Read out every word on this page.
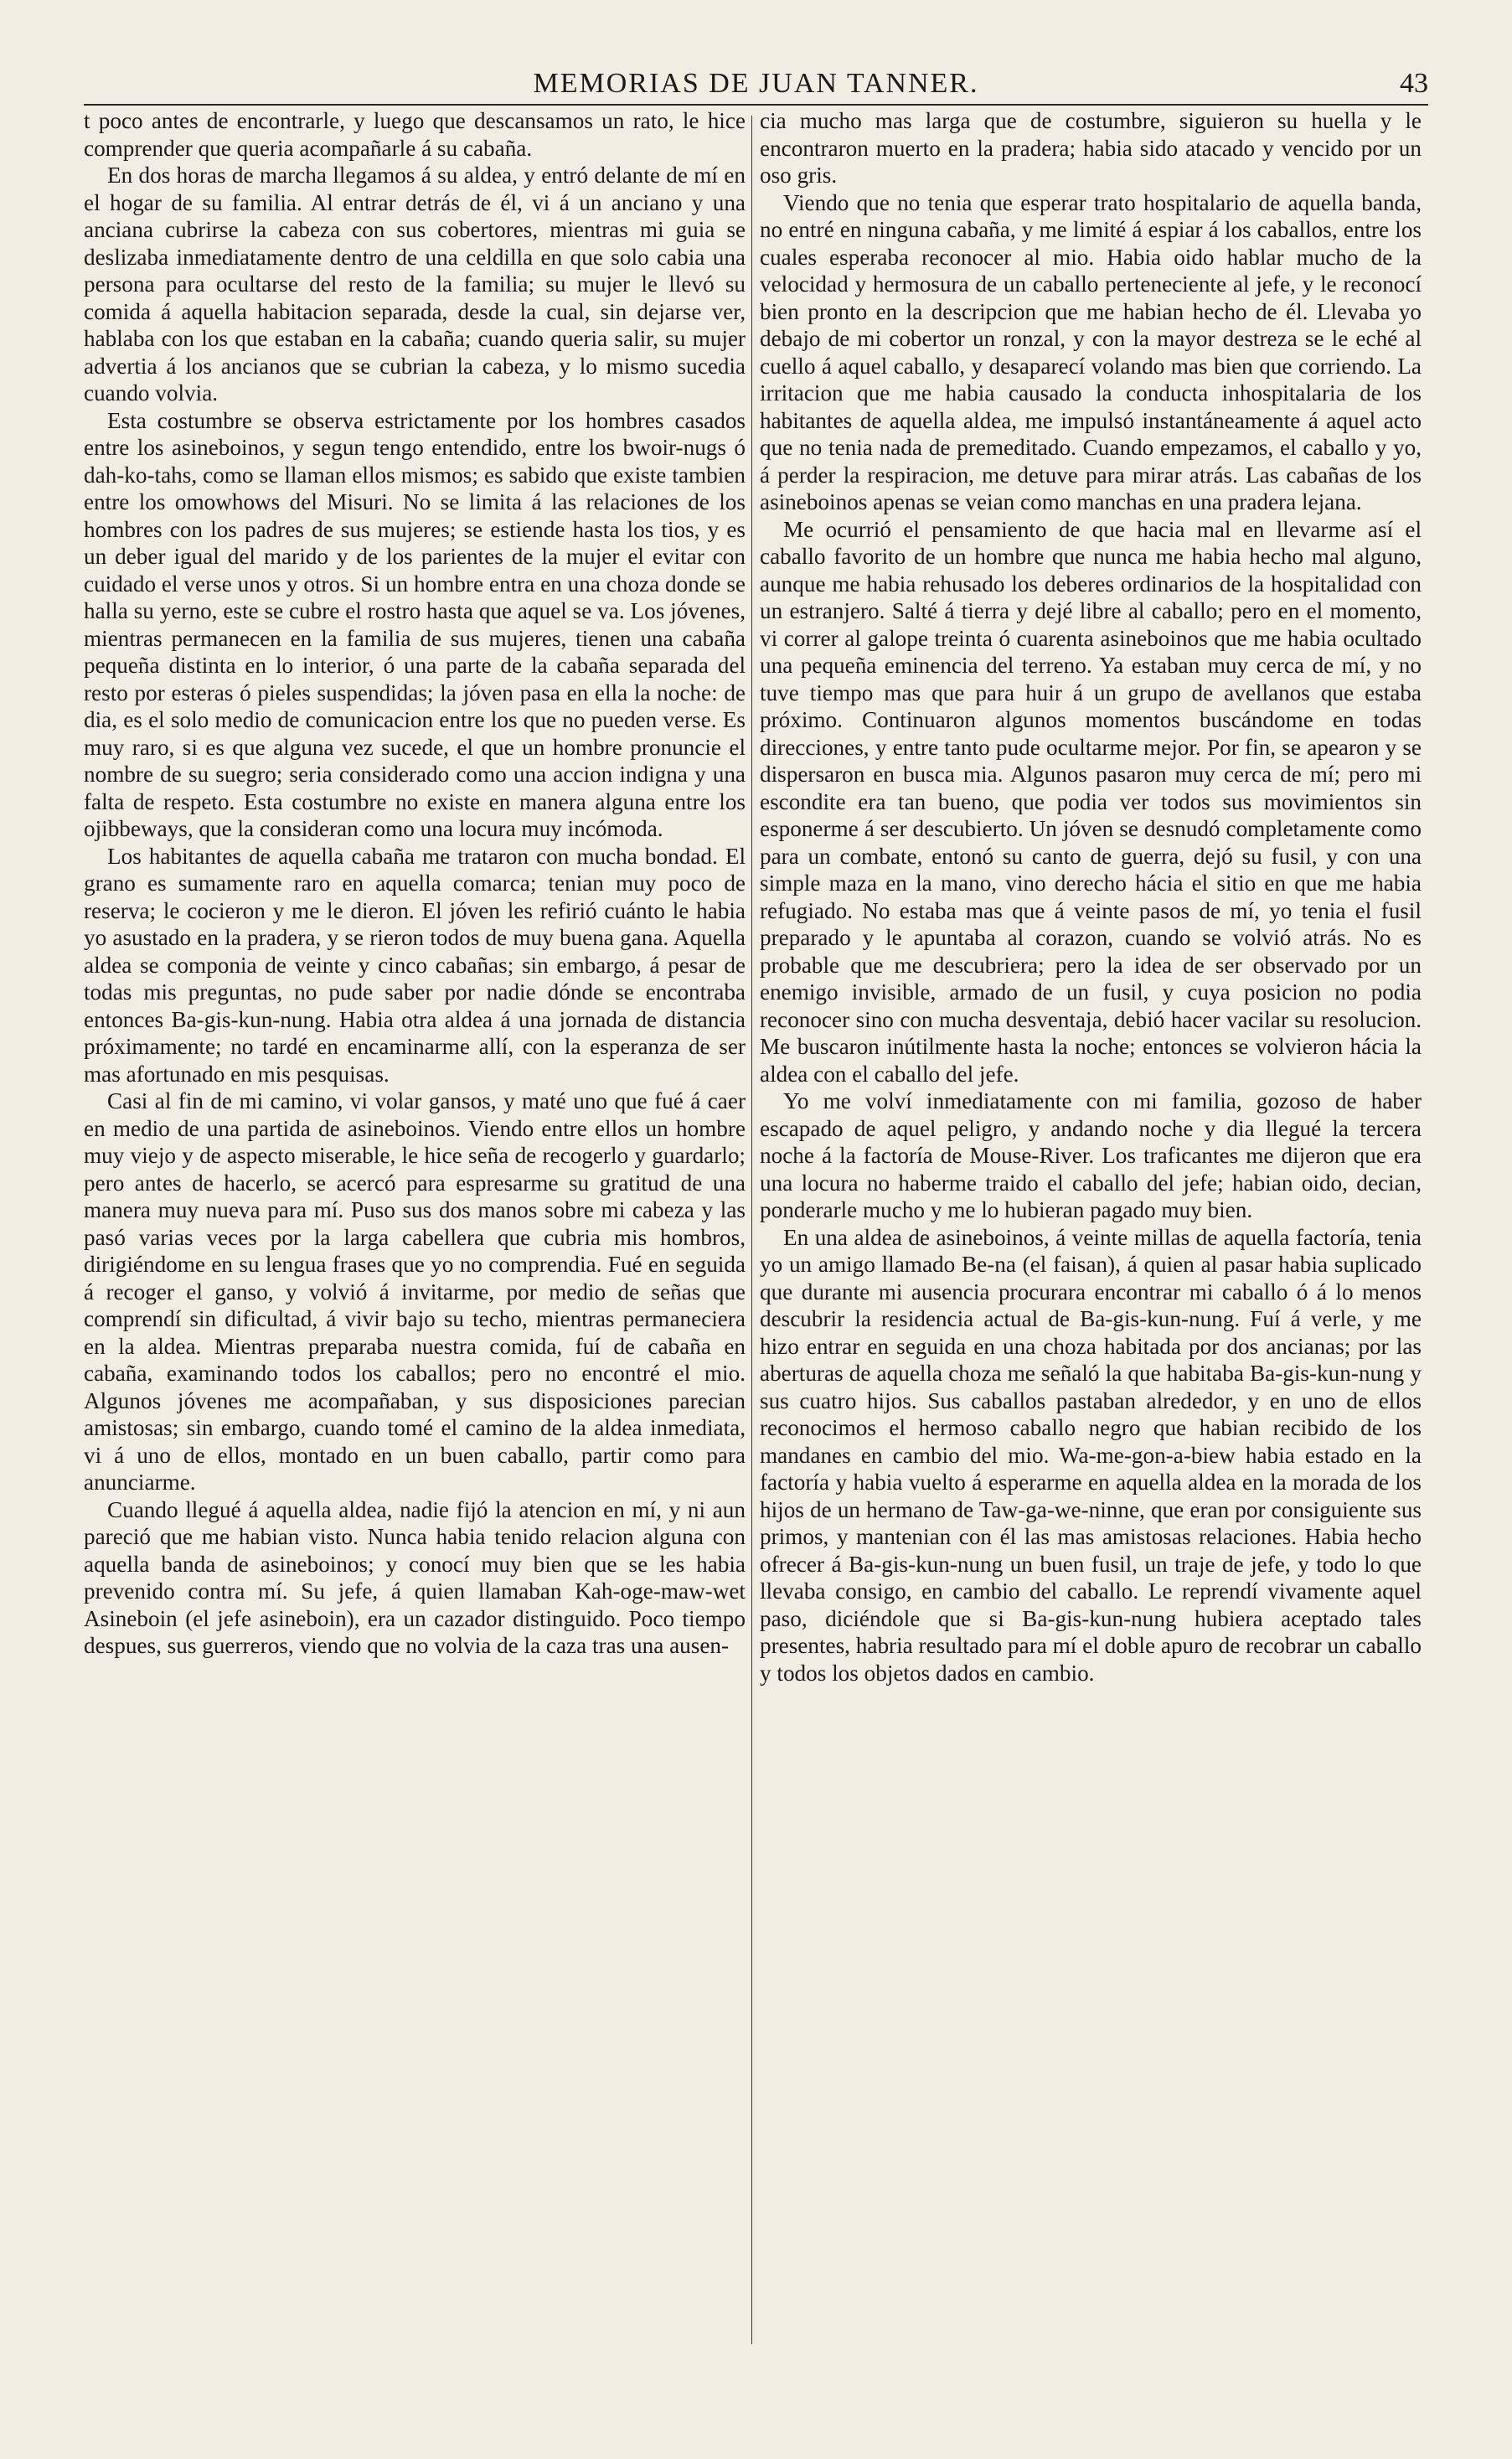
MEMORIAS DE JUAN TANNER.	43

t poco antes de encontrarle, y luego que descansamos un rato, le hice comprender que queria acompañarle á su cabaña.

En dos horas de marcha llegamos á su aldea, y entró delante de mí en el hogar de su familia. Al entrar detrás de él, vi á un anciano y una anciana cubrirse la cabeza con sus cobertores, mientras mi guia se deslizaba inmediatamente dentro de una celdilla en que solo cabia una persona para ocultarse del resto de la familia; su mujer le llevó su comida á aquella habitacion separada, desde la cual, sin dejarse ver, hablaba con los que estaban en la cabaña; cuando queria salir, su mujer advertia á los ancianos que se cubrian la cabeza, y lo mismo sucedia cuando volvia.

Esta costumbre se observa estrictamente por los hombres casados entre los asineboinos, y segun tengo entendido, entre los bwoir-nugs ó dah-ko-tahs, como se llaman ellos mismos; es sabido que existe tambien entre los omowhows del Misuri. No se limita á las relaciones de los hombres con los padres de sus mujeres; se estiende hasta los tios, y es un deber igual del marido y de los parientes de la mujer el evitar con cuidado el verse unos y otros. Si un hombre entra en una choza donde se halla su yerno, este se cubre el rostro hasta que aquel se va. Los jóvenes, mientras permanecen en la familia de sus mujeres, tienen una cabaña pequeña distinta en lo interior, ó una parte de la cabaña separada del resto por esteras ó pieles suspendidas; la jóven pasa en ella la noche: de dia, es el solo medio de comunicacion entre los que no pueden verse. Es muy raro, si es que alguna vez sucede, el que un hombre pronuncie el nombre de su suegro; seria considerado como una accion indigna y una falta de respeto. Esta costumbre no existe en manera alguna entre los ojibbeways, que la consideran como una locura muy incómoda.

Los habitantes de aquella cabaña me trataron con mucha bondad. El grano es sumamente raro en aquella comarca; tenian muy poco de reserva; le cocieron y me le dieron. El jóven les refirió cuánto le habia yo asustado en la pradera, y se rieron todos de muy buena gana. Aquella aldea se componia de veinte y cinco cabañas; sin embargo, á pesar de todas mis preguntas, no pude saber por nadie dónde se encontraba entonces Ba-gis-kun-nung. Habia otra aldea á una jornada de distancia próximamente; no tardé en encaminarme allí, con la esperanza de ser mas afortunado en mis pesquisas.

Casi al fin de mi camino, vi volar gansos, y maté uno que fué á caer en medio de una partida de asineboinos. Viendo entre ellos un hombre muy viejo y de aspecto miserable, le hice seña de recogerlo y guardarlo; pero antes de hacerlo, se acercó para espresarme su gratitud de una manera muy nueva para mí. Puso sus dos manos sobre mi cabeza y las pasó varias veces por la larga cabellera que cubria mis hombros, dirigiéndome en su lengua frases que yo no comprendia. Fué en seguida á recoger el ganso, y volvió á invitarme, por medio de señas que comprendí sin dificultad, á vivir bajo su techo, mientras permaneciera en la aldea. Mientras preparaba nuestra comida, fuí de cabaña en cabaña, examinando todos los caballos; pero no encontré el mio. Algunos jóvenes me acompañaban, y sus disposiciones parecian amistosas; sin embargo, cuando tomé el camino de la aldea inmediata, vi á uno de ellos, montado en un buen caballo, partir como para anunciarme.

Cuando llegué á aquella aldea, nadie fijó la atencion en mí, y ni aun pareció que me habian visto. Nunca habia tenido relacion alguna con aquella banda de asineboinos; y conocí muy bien que se les habia prevenido contra mí. Su jefe, á quien llamaban Kah-oge-maw-wet Asineboin (el jefe asineboin), era un cazador distinguido. Poco tiempo despues, sus guerreros, viendo que no volvia de la caza tras una ausen-

cia mucho mas larga que de costumbre, siguieron su huella y le encontraron muerto en la pradera; habia sido atacado y vencido por un oso gris.

Viendo que no tenia que esperar trato hospitalario de aquella banda, no entré en ninguna cabaña, y me limité á espiar á los caballos, entre los cuales esperaba reconocer al mio. Habia oido hablar mucho de la velocidad y hermosura de un caballo perteneciente al jefe, y le reconocí bien pronto en la descripcion que me habian hecho de él. Llevaba yo debajo de mi cobertor un ronzal, y con la mayor destreza se le eché al cuello á aquel caballo, y desaparecí volando mas bien que corriendo. La irritacion que me habia causado la conducta inhospitalaria de los habitantes de aquella aldea, me impulsó instantáneamente á aquel acto que no tenia nada de premeditado. Cuando empezamos, el caballo y yo, á perder la respiracion, me detuve para mirar atrás. Las cabañas de los asineboinos apenas se veian como manchas en una pradera lejana.

Me ocurrió el pensamiento de que hacia mal en llevarme así el caballo favorito de un hombre que nunca me habia hecho mal alguno, aunque me habia rehusado los deberes ordinarios de la hospitalidad con un estranjero. Salté á tierra y dejé libre al caballo; pero en el momento, vi correr al galope treinta ó cuarenta asineboinos que me habia ocultado una pequeña eminencia del terreno. Ya estaban muy cerca de mí, y no tuve tiempo mas que para huir á un grupo de avellanos que estaba próximo. Continuaron algunos momentos buscándome en todas direcciones, y entre tanto pude ocultarme mejor. Por fin, se apearon y se dispersaron en busca mia. Algunos pasaron muy cerca de mí; pero mi escondite era tan bueno, que podia ver todos sus movimientos sin esponerme á ser descubierto. Un jóven se desnudó completamente como para un combate, entonó su canto de guerra, dejó su fusil, y con una simple maza en la mano, vino derecho hácia el sitio en que me habia refugiado. No estaba mas que á veinte pasos de mí, yo tenia el fusil preparado y le apuntaba al corazon, cuando se volvió atrás. No es probable que me descubriera; pero la idea de ser observado por un enemigo invisible, armado de un fusil, y cuya posicion no podia reconocer sino con mucha desventaja, debió hacer vacilar su resolucion. Me buscaron inútilmente hasta la noche; entonces se volvieron hácia la aldea con el caballo del jefe.

Yo me volví inmediatamente con mi familia, gozoso de haber escapado de aquel peligro, y andando noche y dia llegué la tercera noche á la factoría de Mouse-River. Los traficantes me dijeron que era una locura no haberme traido el caballo del jefe; habian oido, decian, ponderarle mucho y me lo hubieran pagado muy bien.

En una aldea de asineboinos, á veinte millas de aquella factoría, tenia yo un amigo llamado Be-na (el faisan), á quien al pasar habia suplicado que durante mi ausencia procurara encontrar mi caballo ó á lo menos descubrir la residencia actual de Ba-gis-kun-nung. Fuí á verle, y me hizo entrar en seguida en una choza habitada por dos ancianas; por las aberturas de aquella choza me señaló la que habitaba Ba-gis-kun-nung y sus cuatro hijos. Sus caballos pastaban alrededor, y en uno de ellos reconocimos el hermoso caballo negro que habian recibido de los mandanes en cambio del mio. Wa-me-gon-a-biew habia estado en la factoría y habia vuelto á esperarme en aquella aldea en la morada de los hijos de un hermano de Taw-ga-we-ninne, que eran por consiguiente sus primos, y mantenian con él las mas amistosas relaciones. Habia hecho ofrecer á Ba-gis-kun-nung un buen fusil, un traje de jefe, y todo lo que llevaba consigo, en cambio del caballo. Le reprendí vivamente aquel paso, diciéndole que si Ba-gis-kun-nung hubiera aceptado tales presentes, habria resultado para mí el doble apuro de recobrar un caballo y todos los objetos dados en cambio.
